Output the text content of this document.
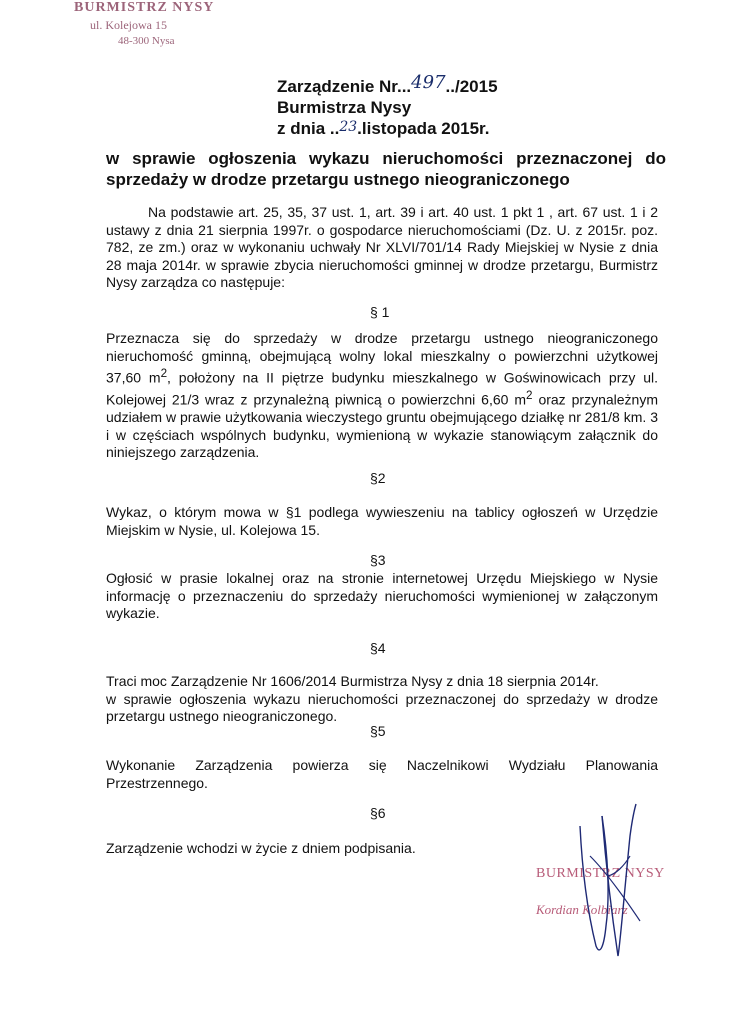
BURMISTRZ NYSY
ul. Kolejowa 15
48-300 Nysa
Zarządzenie Nr...497../2015
Burmistrza Nysy
z dnia ..23.listopada 2015r.
w sprawie ogłoszenia wykazu nieruchomości przeznaczonej do sprzedaży w drodze przetargu ustnego nieograniczonego
Na podstawie art. 25, 35, 37 ust. 1, art. 39 i art. 40 ust. 1 pkt 1 , art. 67 ust. 1 i 2 ustawy z dnia 21 sierpnia 1997r. o gospodarce nieruchomościami (Dz. U. z 2015r. poz. 782, ze zm.) oraz w wykonaniu uchwały Nr XLVI/701/14 Rady Miejskiej w Nysie z dnia 28 maja 2014r. w sprawie zbycia nieruchomości gminnej w drodze przetargu, Burmistrz Nysy zarządza co następuje:
§ 1
Przeznacza się do sprzedaży w drodze przetargu ustnego nieograniczonego nieruchomość gminną, obejmującą wolny lokal mieszkalny o powierzchni użytkowej 37,60 $m^2$, położony na II piętrze budynku mieszkalnego w Goświnowicach przy ul. Kolejowej 21/3 wraz z przynależną piwnicą o powierzchni 6,60 $m^2$ oraz przynależnym udziałem w prawie użytkowania wieczystego gruntu obejmującego działkę nr 281/8 km. 3 i w częściach wspólnych budynku, wymienioną w wykazie stanowiącym załącznik do niniejszego zarządzenia.
§2
Wykaz, o którym mowa w §1 podlega wywieszeniu na tablicy ogłoszeń w Urzędzie Miejskim w Nysie, ul. Kolejowa 15.
§3
Ogłosić w prasie lokalnej oraz na stronie internetowej Urzędu Miejskiego w Nysie informację o przeznaczeniu do sprzedaży nieruchomości wymienionej w załączonym wykazie.
§4
Traci moc Zarządzenie Nr 1606/2014 Burmistrza Nysy z dnia 18 sierpnia 2014r.
w sprawie ogłoszenia wykazu nieruchomości przeznaczonej do sprzedaży w drodze przetargu ustnego nieograniczonego.
§5
Wykonanie Zarządzenia powierza się Naczelnikowi Wydziału Planowania Przestrzennego.
§6
Zarządzenie wchodzi w życie z dniem podpisania.
BURMISTRZ NYSY
Kordian Kolbiarz
